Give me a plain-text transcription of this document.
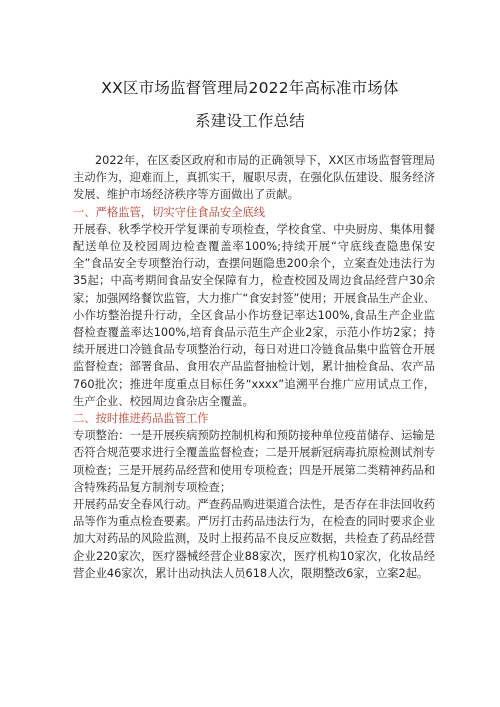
XX区市场监督管理局2022年高标准市场体
系建设工作总结

2022年，在区委区政府和市局的正确领导下，XX区市场监督管理局主动作为，迎难而上，真抓实干，履职尽责，在强化队伍建设、服务经济发展、维护市场经济秩序等方面做出了贡献。

一、严格监管，切实守住食品安全底线

开展春、秋季学校开学复课前专项检查，学校食堂、中央厨房、集体用餐配送单位及校园周边检查覆盖率100%;持续开展“守底线查隐患保安全”食品安全专项整治行动，查摆问题隐患200余个，立案查处违法行为35起；中高考期间食品安全保障有力，检查校园及周边食品经营户30余家；加强网络餐饮监管，大力推广“食安封签”使用；开展食品生产企业、小作坊整治提升行动，全区食品小作坊登记率达100%,食品生产企业监督检查覆盖率达100%,培育食品示范生产企业2家，示范小作坊2家；持续开展进口冷链食品专项整治行动，每日对进口冷链食品集中监管仓开展监督检查；部署食品、食用农产品监督抽检计划，累计抽检食品、农产品760批次；推进年度重点目标任务“xxxx”追溯平台推广应用试点工作，生产企业、校园周边食杂店全覆盖。

二、按时推进药品监管工作

专项整治：一是开展疾病预防控制机构和预防接种单位疫苗储存、运输是否符合规范要求进行全覆盖监督检查；二是开展新冠病毒抗原检测试剂专项检查；三是开展药品经营和使用专项检查；四是开展第二类精神药品和含特殊药品复方制剂专项检查；

开展药品安全春风行动。严查药品购进渠道合法性，是否存在非法回收药品等作为重点检查要素。严厉打击药品违法行为，在检查的同时要求企业加大对药品的风险监测，及时上报药品不良反应数据，共检查了药品经营企业220家次，医疗器械经营企业88家次，医疗机构10家次，化妆品经营企业46家次，累计出动执法人员618人次，限期整改6家，立案2起。
